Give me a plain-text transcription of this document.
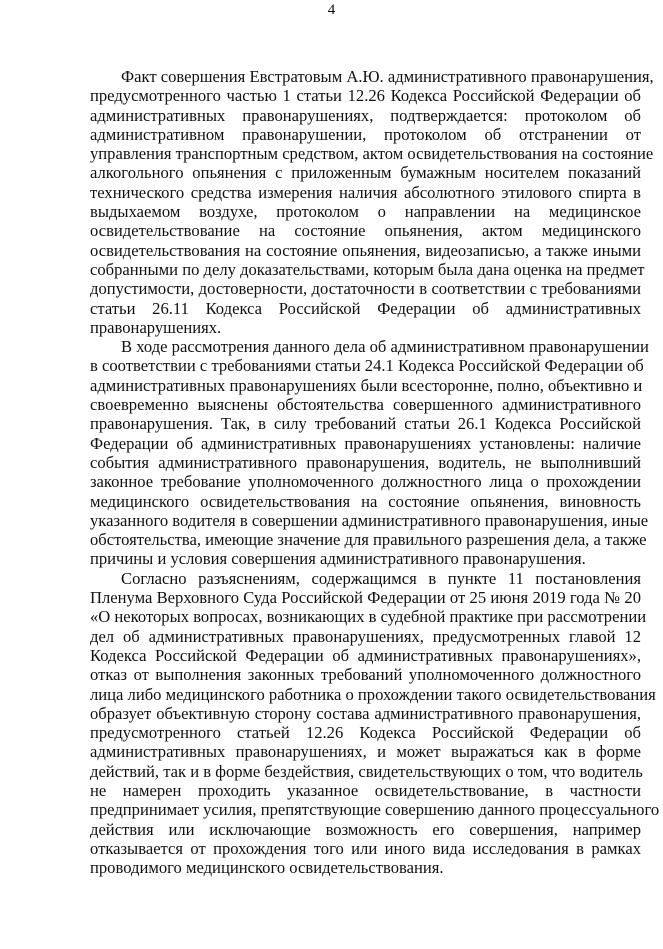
4
Факт совершения Евстратовым А.Ю. административного правонарушения,
предусмотренного частью 1 статьи 12.26 Кодекса Российской Федерации об
административных правонарушениях, подтверждается: протоколом об
административном правонарушении, протоколом об отстранении от
управления транспортным средством, актом освидетельствования на состояние
алкогольного опьянения с приложенным бумажным носителем показаний
технического средства измерения наличия абсолютного этилового спирта в
выдыхаемом воздухе, протоколом о направлении на медицинское
освидетельствование на состояние опьянения, актом медицинского
освидетельствования на состояние опьянения, видеозаписью, а также иными
собранными по делу доказательствами, которым была дана оценка на предмет
допустимости, достоверности, достаточности в соответствии с требованиями
статьи 26.11 Кодекса Российской Федерации об административных
правонарушениях.
В ходе рассмотрения данного дела об административном правонарушении
в соответствии с требованиями статьи 24.1 Кодекса Российской Федерации об
административных правонарушениях были всесторонне, полно, объективно и
своевременно выяснены обстоятельства совершенного административного
правонарушения. Так, в силу требований статьи 26.1 Кодекса Российской
Федерации об административных правонарушениях установлены: наличие
события административного правонарушения, водитель, не выполнивший
законное требование уполномоченного должностного лица о прохождении
медицинского освидетельствования на состояние опьянения, виновность
указанного водителя в совершении административного правонарушения, иные
обстоятельства, имеющие значение для правильного разрешения дела, а также
причины и условия совершения административного правонарушения.
Согласно разъяснениям, содержащимся в пункте 11 постановления
Пленума Верховного Суда Российской Федерации от 25 июня 2019 года № 20
«О некоторых вопросах, возникающих в судебной практике при рассмотрении
дел об административных правонарушениях, предусмотренных главой 12
Кодекса Российской Федерации об административных правонарушениях»,
отказ от выполнения законных требований уполномоченного должностного
лица либо медицинского работника о прохождении такого освидетельствования
образует объективную сторону состава административного правонарушения,
предусмотренного статьей 12.26 Кодекса Российской Федерации об
административных правонарушениях, и может выражаться как в форме
действий, так и в форме бездействия, свидетельствующих о том, что водитель
не намерен проходить указанное освидетельствование, в частности
предпринимает усилия, препятствующие совершению данного процессуального
действия или исключающие возможность его совершения, например
отказывается от прохождения того или иного вида исследования в рамках
проводимого медицинского освидетельствования.
